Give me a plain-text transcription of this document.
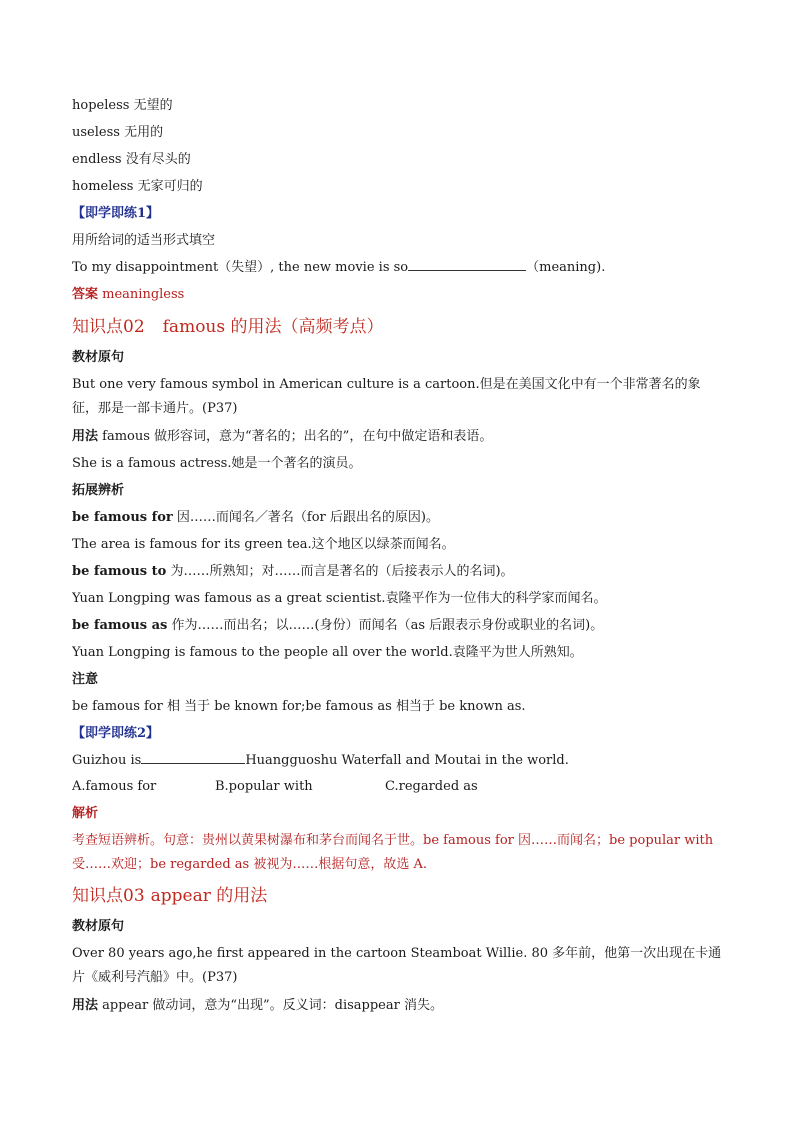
hopeless 无望的
useless 无用的
endless 没有尽头的
homeless 无家可归的
【即学即练1】
用所给词的适当形式填空
To my disappointment（失望）, the new movie is so	（meaning).
答案 meaningless
知识点02 famous 的用法（高频考点）
教材原句
But one very famous symbol in American culture is a cartoon.但是在美国文化中有一个非常著名的象征，那是一部卡通片。(P37)
用法 famous 做形容词，意为“著名的；出名的”，在句中做定语和表语。
She is a famous actress.她是一个著名的演员。
拓展辨析
be famous for 因……而闻名／著名（for 后跟出名的原因)。
The area is famous for its green tea.这个地区以绿茶而闻名。
be famous to 为……所熟知；对……而言是著名的（后接表示人的名词)。
Yuan Longping was famous as a great scientist.袁隆平作为一位伟大的科学家而闻名。
be famous as 作为……而出名；以……(身份）而闻名（as 后跟表示身份或职业的名词)。
Yuan Longping is famous to the people all over the world.袁隆平为世人所熟知。
注意
be famous for 相 当于 be known for;be famous as 相当于 be known as.
【即学即练2】
Guizhou is	Huangguoshu Waterfall and Moutai in the world.
A.famous for	B.popular with	C.regarded as
解析
考查短语辨析。句意：贵州以黄果树瀑布和茅台而闻名于世。be famous for 因……而闻名；be popular with 受……欢迎；be regarded as 被视为……根据句意，故选 A.
知识点03 appear 的用法
教材原句
Over 80 years ago,he first appeared in the cartoon Steamboat Willie. 80 多年前，他第一次出现在卡通片《威利号汽船》中。(P37)
用法 appear 做动词，意为“出现”。反义词：disappear 消失。
